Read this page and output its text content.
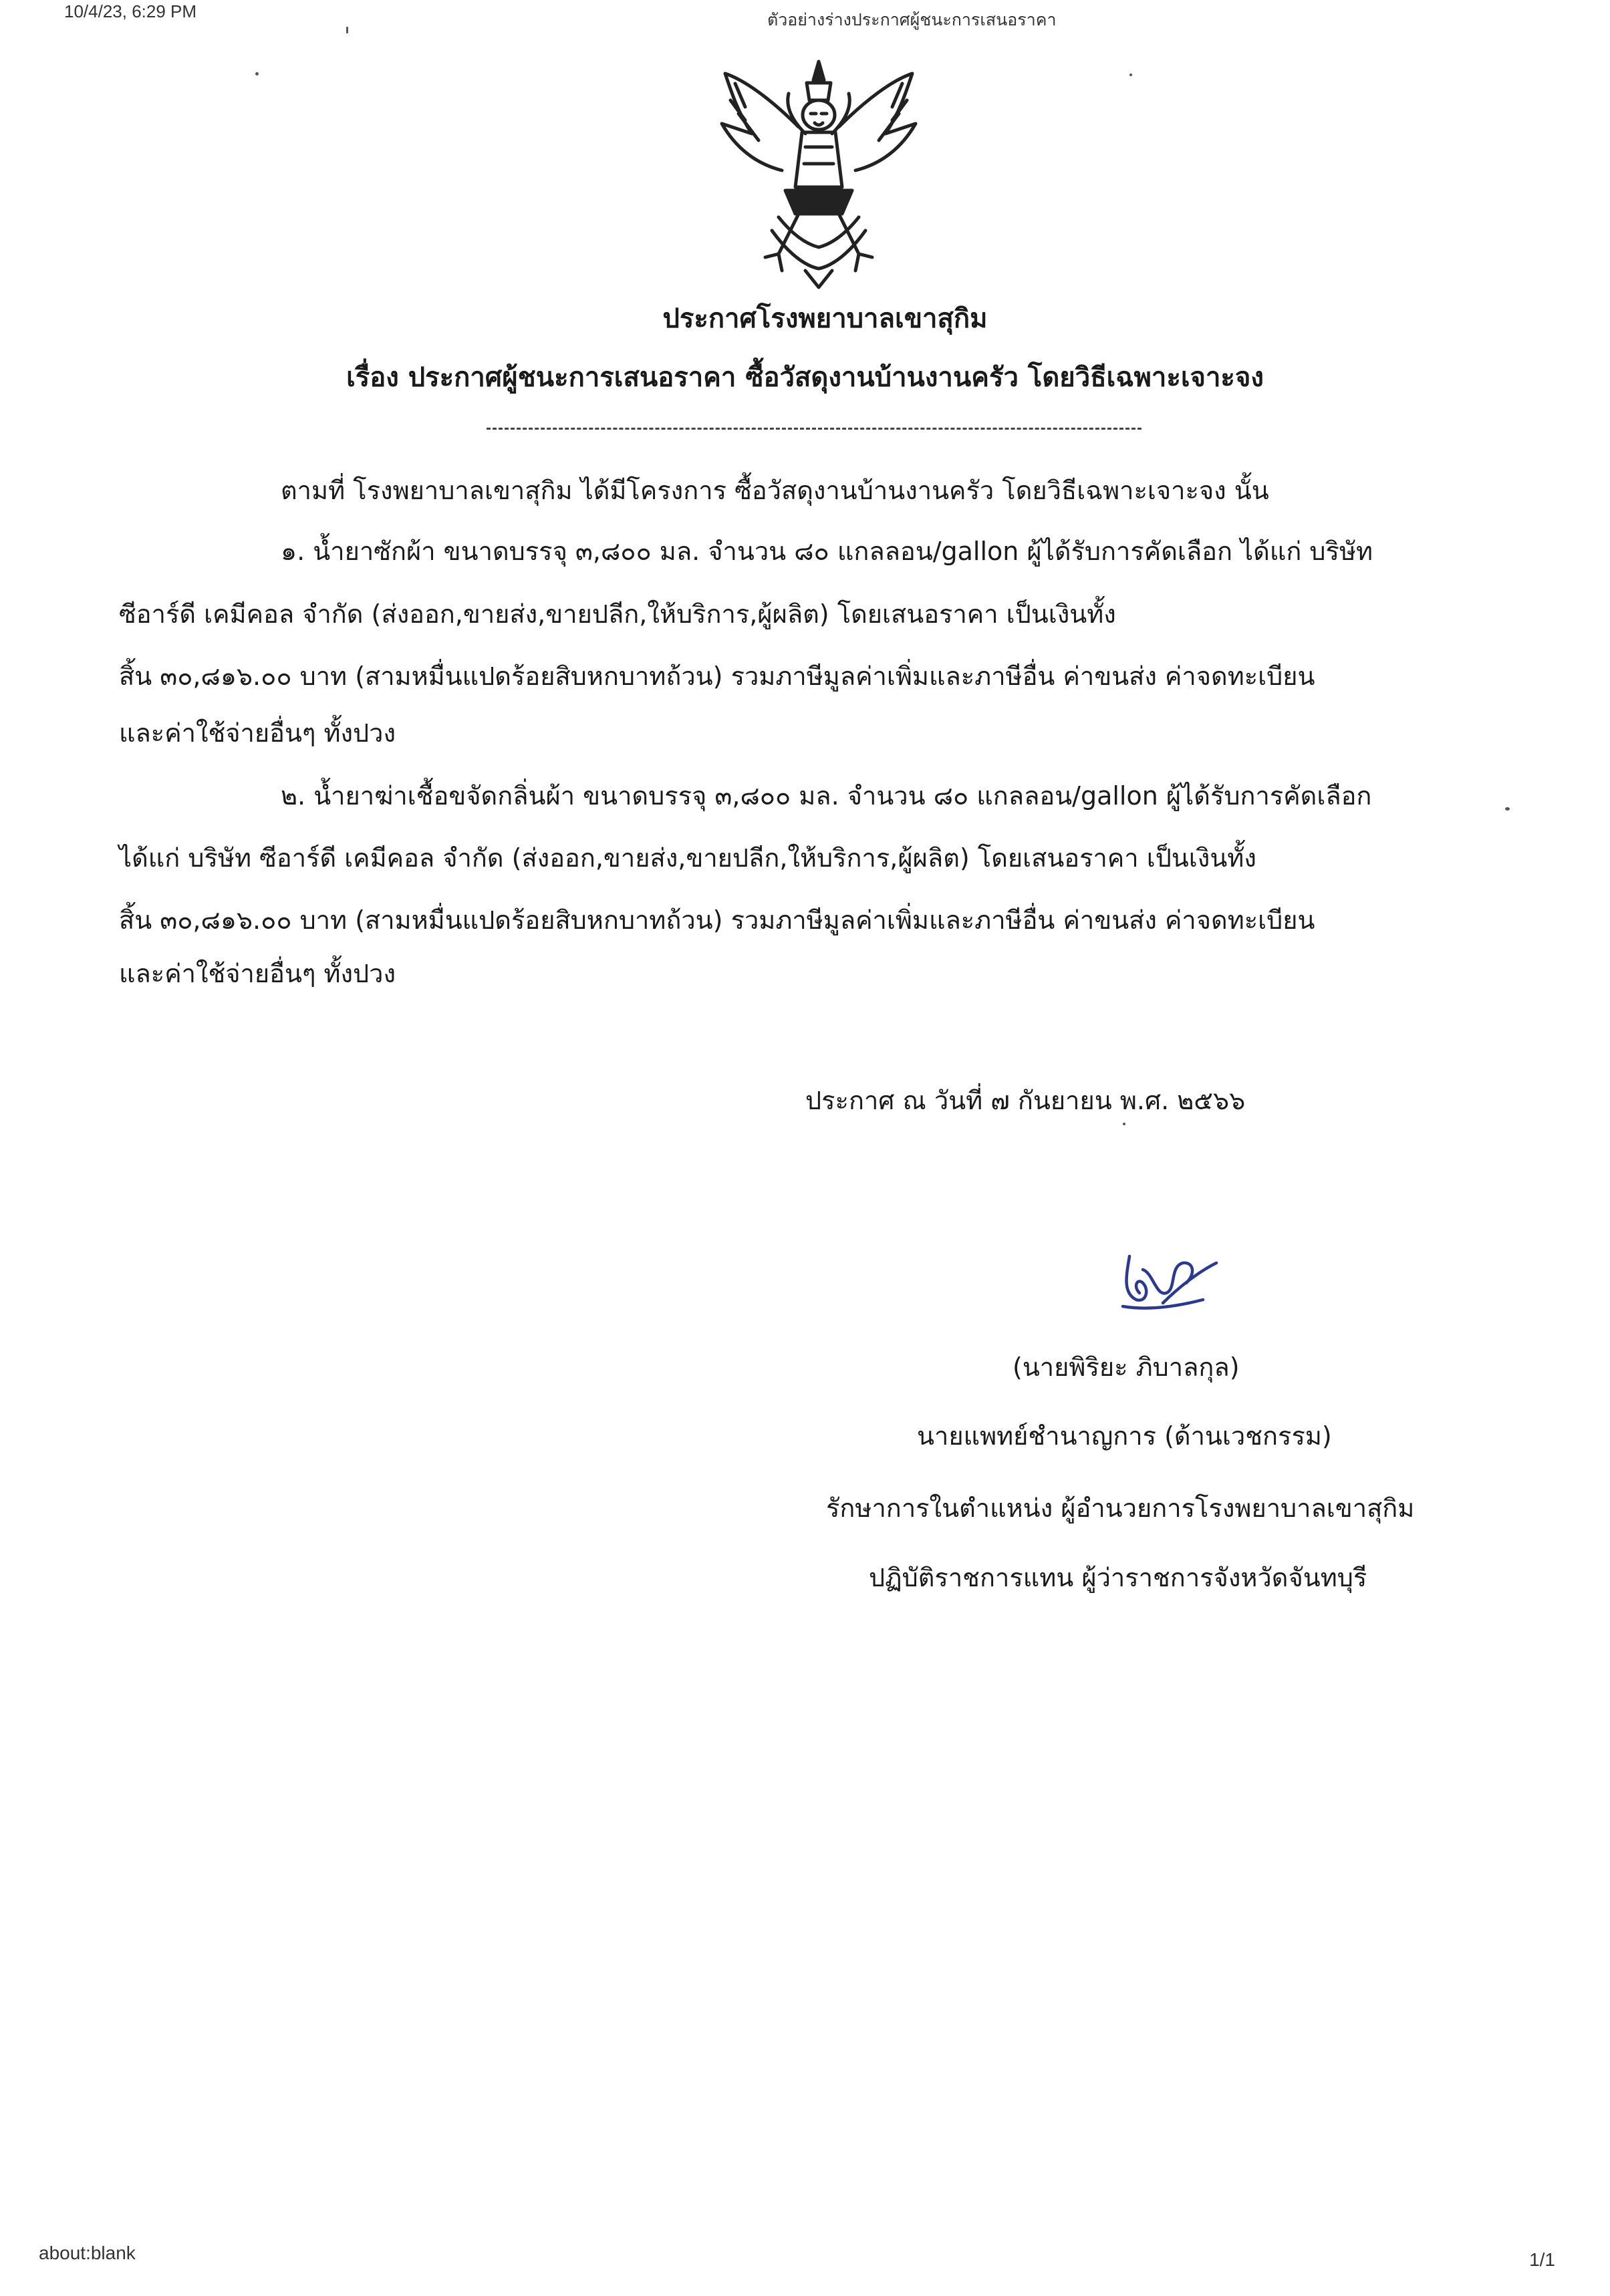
10/4/23, 6:29 PM	ตัวอย่างร่างประกาศผู้ชนะการเสนอราคา
ประกาศโรงพยาบาลเขาสุกิม
เรื่อง ประกาศผู้ชนะการเสนอราคา ซื้อวัสดุงานบ้านงานครัว โดยวิธีเฉพาะเจาะจง
ตามที่ โรงพยาบาลเขาสุกิม ได้มีโครงการ ซื้อวัสดุงานบ้านงานครัว โดยวิธีเฉพาะเจาะจง นั้น
๑. น้ำยาซักผ้า ขนาดบรรจุ ๓,๘๐๐ มล. จำนวน ๘๐ แกลลอน/gallon ผู้ได้รับการคัดเลือก ได้แก่ บริษัท
ซีอาร์ดี เคมีคอล จำกัด (ส่งออก,ขายส่ง,ขายปลีก,ให้บริการ,ผู้ผลิต) โดยเสนอราคา เป็นเงินทั้ง
สิ้น ๓๐,๘๑๖.๐๐ บาท (สามหมื่นแปดร้อยสิบหกบาทถ้วน) รวมภาษีมูลค่าเพิ่มและภาษีอื่น ค่าขนส่ง ค่าจดทะเบียน
และค่าใช้จ่ายอื่นๆ ทั้งปวง
๒. น้ำยาฆ่าเชื้อขจัดกลิ่นผ้า ขนาดบรรจุ ๓,๘๐๐ มล. จำนวน ๘๐ แกลลอน/gallon ผู้ได้รับการคัดเลือก
ได้แก่ บริษัท ซีอาร์ดี เคมีคอล จำกัด (ส่งออก,ขายส่ง,ขายปลีก,ให้บริการ,ผู้ผลิต) โดยเสนอราคา เป็นเงินทั้ง
สิ้น ๓๐,๘๑๖.๐๐ บาท (สามหมื่นแปดร้อยสิบหกบาทถ้วน) รวมภาษีมูลค่าเพิ่มและภาษีอื่น ค่าขนส่ง ค่าจดทะเบียน
และค่าใช้จ่ายอื่นๆ ทั้งปวง
ประกาศ ณ วันที่ ๗ กันยายน พ.ศ. ๒๕๖๖
(นายพิริยะ ภิบาลกุล)
นายแพทย์ชำนาญการ (ด้านเวชกรรม)
รักษาการในตำแหน่ง ผู้อำนวยการโรงพยาบาลเขาสุกิม
ปฏิบัติราชการแทน ผู้ว่าราชการจังหวัดจันทบุรี
about:blank	1/1
